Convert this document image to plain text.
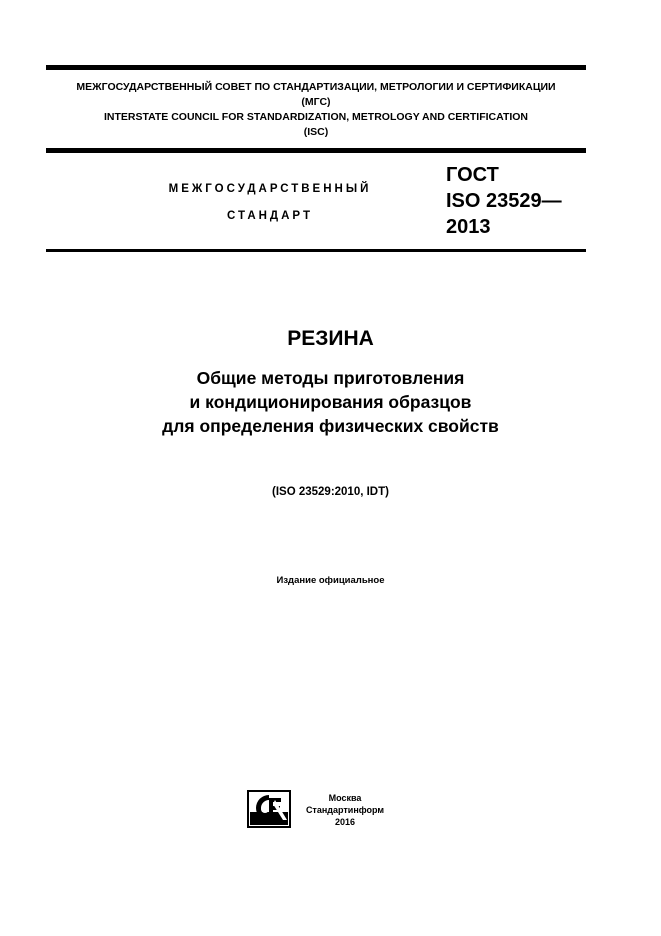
МЕЖГОСУДАРСТВЕННЫЙ СОВЕТ ПО СТАНДАРТИЗАЦИИ, МЕТРОЛОГИИ И СЕРТИФИКАЦИИ
(МГС)
INTERSTATE COUNCIL FOR STANDARDIZATION, METROLOGY AND CERTIFICATION
(ISC)
МЕЖГОСУДАРСТВЕННЫЙ
СТАНДАРТ
ГОСТ
ISO 23529—
2013
РЕЗИНА
Общие методы приготовления
и кондиционирования образцов
для определения физических свойств
(ISO 23529:2010, IDT)
Издание официальное
Москва
Стандартинформ
2016
